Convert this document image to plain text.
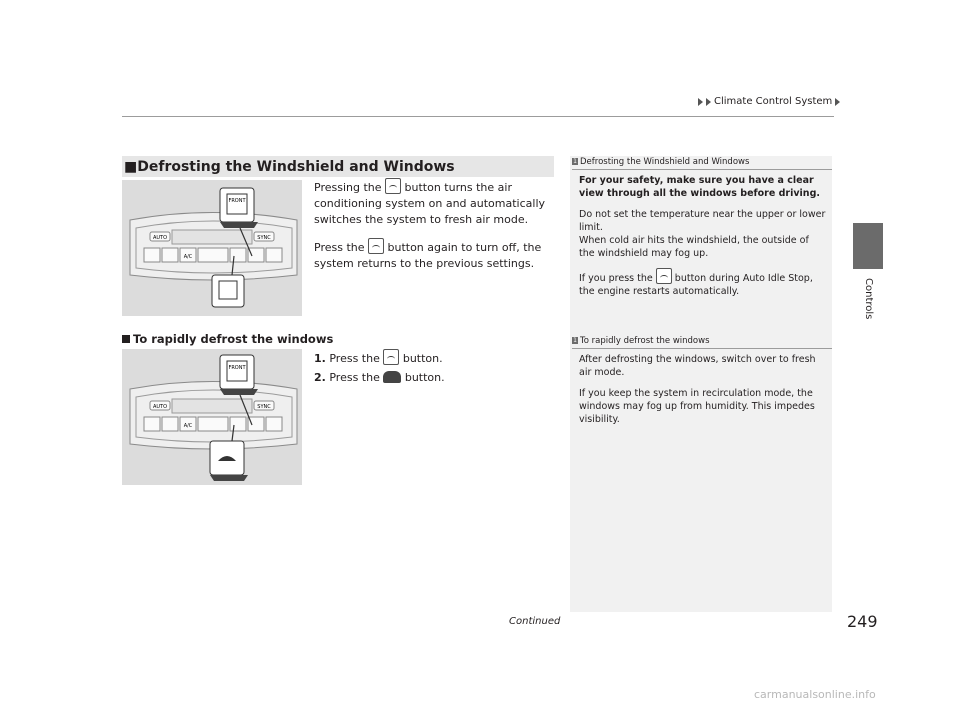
Climate Control System
Controls
■ Defrosting the Windshield and Windows
AUTO	SYNC
A/C
FRONT

Pressing the button turns the air conditioning system on and automatically switches the system to fresh air mode.

Press the button again to turn off, the system returns to the previous settings.

To rapidly defrost the windows
AUTO	SYNC
A/C
FRONT
1. Press the button.
2. Press the button.
1 Defrosting the Windshield and Windows

For your safety, make sure you have a clear view through all the windows before driving.

Do not set the temperature near the upper or lower limit.
When cold air hits the windshield, the outside of the windshield may fog up.

If you press the button during Auto Idle Stop, the engine restarts automatically.

1 To rapidly defrost the windows

After defrosting the windows, switch over to fresh air mode.

If you keep the system in recirculation mode, the windows may fog up from humidity. This impedes visibility.

Continued	249
carmanualsonline.info
